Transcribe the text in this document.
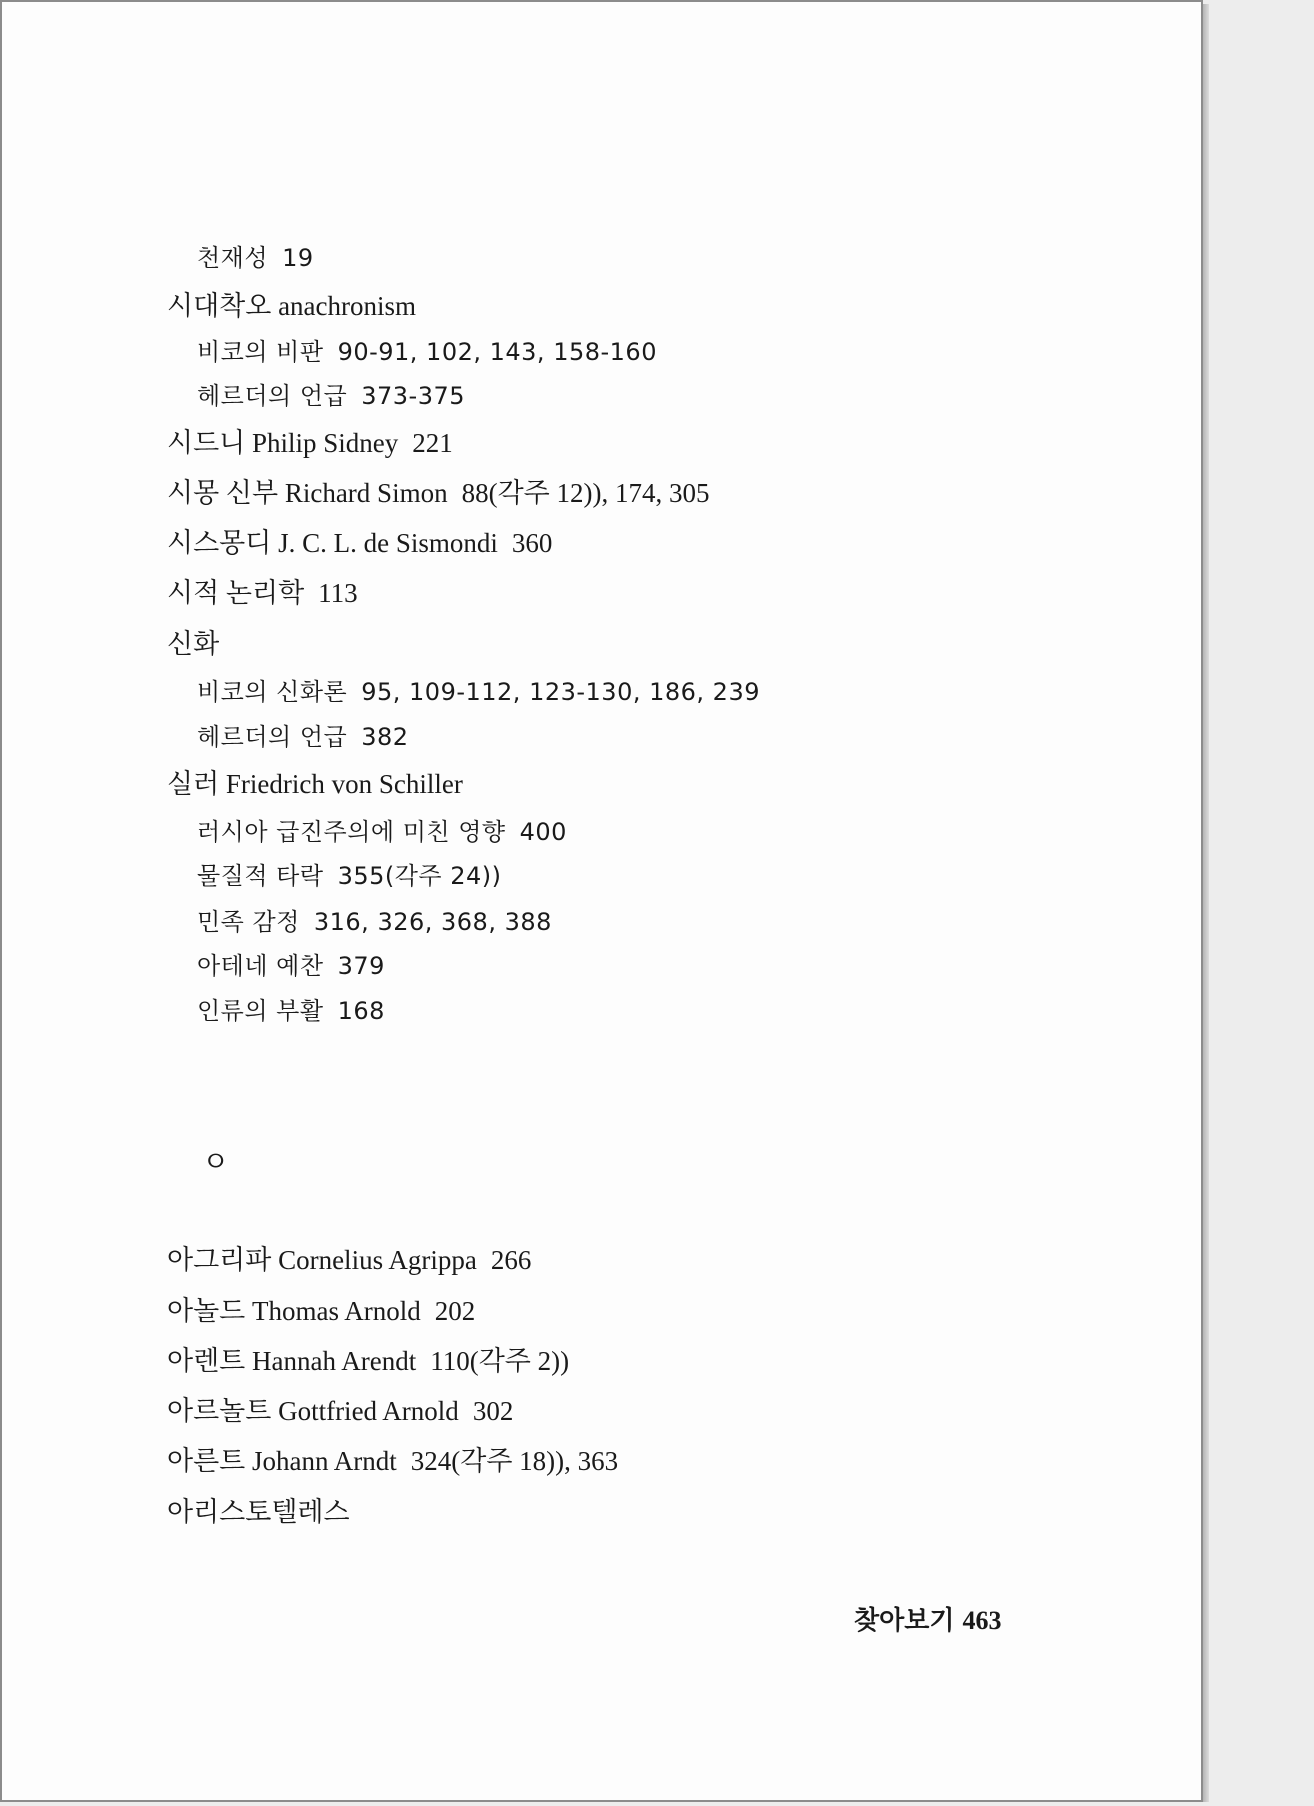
천재성 19
시대착오 anachronism
비코의 비판 90-91, 102, 143, 158-160
헤르더의 언급 373-375
시드니 Philip Sidney 221
시몽 신부 Richard Simon 88(각주 12)), 174, 305
시스몽디 J. C. L. de Sismondi 360
시적 논리학 113
신화
비코의 신화론 95, 109-112, 123-130, 186, 239
헤르더의 언급 382
실러 Friedrich von Schiller
러시아 급진주의에 미친 영향 400
물질적 타락 355(각주 24))
민족 감정 316, 326, 368, 388
아테네 예찬 379
인류의 부활 168
ㅇ
아그리파 Cornelius Agrippa 266
아놀드 Thomas Arnold 202
아렌트 Hannah Arendt 110(각주 2))
아르놀트 Gottfried Arnold 302
아른트 Johann Arndt 324(각주 18)), 363
아리스토텔레스
찾아보기 463
